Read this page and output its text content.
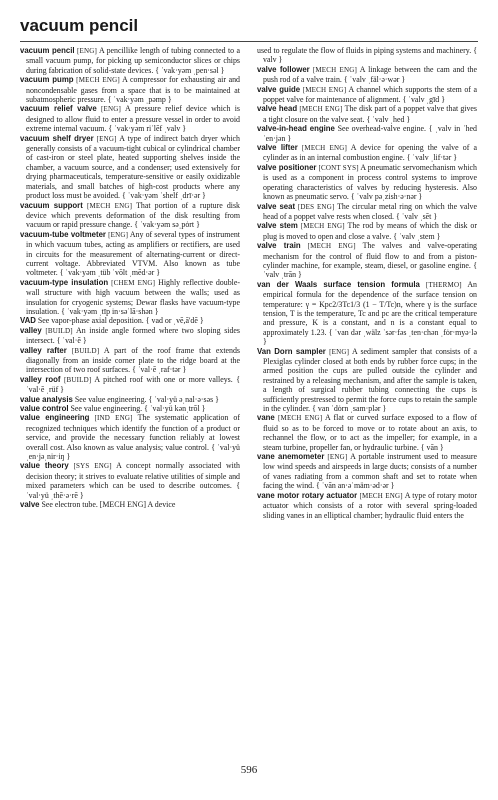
vacuum pencil

vacuum pencil [ENG] A pencillike length of tubing connected to a small vacuum pump, for picking up semiconductor slices or chips during fabrication of solid-state devices. { ˈvak·yəm ˌpen·səl }

vacuum pump [MECH ENG] A compressor for exhausting air and noncondensable gases from a space that is to be maintained at subatmospheric pressure. { ˈvak·yəm ˌpəmp }

vacuum relief valve [ENG] A pressure relief device which is designed to allow fluid to enter a pressure vessel in order to avoid extreme internal vacuum. { ˈvak·yəm riˈlēf ˌvalv }

vacuum shelf dryer [ENG] A type of indirect batch dryer which generally consists of a vacuum-tight cubical or cylindrical chamber of cast-iron or steel plate, heated supporting shelves inside the chamber, a vacuum source, and a condenser; used extensively for drying pharmaceuticals, temperature-sensitive or easily oxidizable materials, and small batches of high-cost products where any product loss must be avoided. { ˈvak·yəm ˈshelf ˌdrī·ər }

vacuum support [MECH ENG] That portion of a rupture disk device which prevents deformation of the disk resulting from vacuum or rapid pressure change. { ˈvak·yəm səˌpȯrt }

vacuum-tube voltmeter [ENG] Any of several types of instrument in which vacuum tubes, acting as amplifiers or rectifiers, are used in circuits for the measurement of alternating-current or direct-current voltage. Abbreviated VTVM. Also known as tube voltmeter. { ˈvak·yəm ˌtüb ˈvōlt ˌmēd·ər }

vacuum-type insulation [CHEM ENG] Highly reflective double-wall structure with high vacuum between the walls; used as insulation for cryogenic systems; Dewar flasks have vacuum-type insulation. { ˈvak·yəm ˌtīp in·səˈlā·shən }

VAD See vapor-phase axial deposition. { vad or ˌvē,ā'dē }

valley [BUILD] An inside angle formed where two sloping sides intersect. { ˈval·ē }

valley rafter [BUILD] A part of the roof frame that extends diagonally from an inside corner plate to the ridge board at the intersection of two roof surfaces. { ˈval·ē ˌraf·tər }

valley roof [BUILD] A pitched roof with one or more valleys. { ˈval·ē ˌrüf }

value analysis See value engineering. { ˈval·yü əˌnal·ə·səs }

value control See value engineering. { ˈval·yü kənˌtrōl }

value engineering [IND ENG] The systematic application of recognized techniques which identify the function of a product or service, and provide the necessary function reliably at lowest overall cost. Also known as value analysis; value control. { ˈval·yü ˌen·jəˌnir·iŋ }

value theory [SYS ENG] A concept normally associated with decision theory; it strives to evaluate relative utilities of simple and mixed parameters which can be used to describe outcomes. { ˈval·yü ˌthē·ə·rē }

valve See electron tube. [MECH ENG] A device

used to regulate the flow of fluids in piping systems and machinery. { valv }

valve follower [MECH ENG] A linkage between the cam and the push rod of a valve train. { ˈvalv ˌfäl·ə·wər }

valve guide [MECH ENG] A channel which supports the stem of a poppet valve for maintenance of alignment. { ˈvalv ˌgīd }

valve head [MECH ENG] The disk part of a poppet valve that gives a tight closure on the valve seat. { ˈvalv ˌhed }

valve-in-head engine See overhead-valve engine. { ˌvalv in ˈhed ˈen·jən }

valve lifter [MECH ENG] A device for opening the valve of a cylinder as in an internal combustion engine. { ˈvalv ˌlif·tər }

valve positioner [CONT SYS] A pneumatic servomechanism which is used as a component in process control systems to improve operating characteristics of valves by reducing hysteresis. Also known as pneumatic servo. { ˈvalv pəˌzish·ə·nər }

valve seat [DES ENG] The circular metal ring on which the valve head of a poppet valve rests when closed. { ˈvalv ˌsēt }

valve stem [MECH ENG] The rod by means of which the disk or plug is moved to open and close a valve. { ˈvalv ˌstem }

valve train [MECH ENG] The valves and valve-operating mechanism for the control of fluid flow to and from a piston-cylinder machine, for example, steam, diesel, or gasoline engine. { ˈvalv ˌtrān }

van der Waals surface tension formula [THERMO] An empirical formula for the dependence of the surface tension on temperature: γ = Kpc2/3Tc1/3 (1 − T/Tc)n, where γ is the surface tension, T is the temperature, Tc and pc are the critical temperature and pressure, K is a constant, and n is a constant equal to approximately 1.23. { ˈvan dər ˌwälz ˈsər·fəs ˌten·chən ˌfȯr·myə·lə }

Van Dorn sampler [ENG] A sediment sampler that consists of a Plexiglas cylinder closed at both ends by rubber force cups; in the armed position the cups are pulled outside the cylinder and restrained by a releasing mechanism, and after the sample is taken, a length of surgical rubber tubing connecting the cups is sufficiently prestressed to permit the force cups to retain the sample in the cylinder. { van ˈdȯrn ˌsam·plər }

vane [MECH ENG] A flat or curved surface exposed to a flow of fluid so as to be forced to move or to rotate about an axis, to rechannel the flow, or to act as the impeller; for example, in a steam turbine, propeller fan, or hydraulic turbine. { vān }

vane anemometer [ENG] A portable instrument used to measure low wind speeds and airspeeds in large ducts; consists of a number of vanes radiating from a common shaft and set to rotate when facing the wind. { ˈvān an·əˈmäm·əd·ər }

vane motor rotary actuator [MECH ENG] A type of rotary motor actuator which consists of a rotor with several spring-loaded sliding vanes in an elliptical chamber; hydraulic fluid enters the

596
